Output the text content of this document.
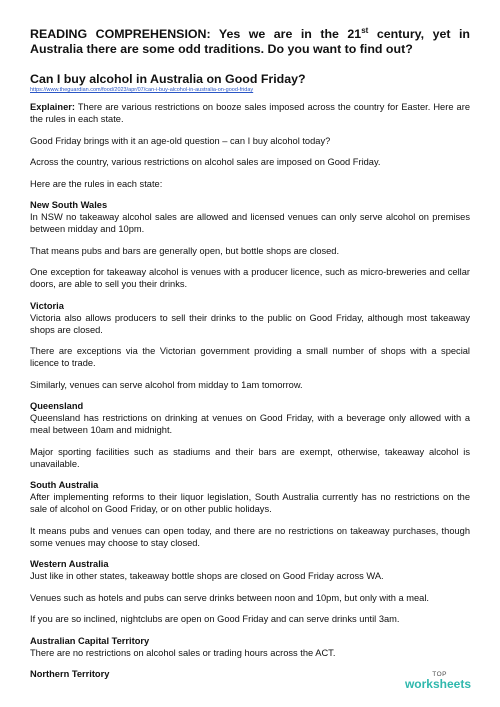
READING COMPREHENSION: Yes we are in the 21st century, yet in Australia there are some odd traditions. Do you want to find out?
Can I buy alcohol in Australia on Good Friday?
https://www.theguardian.com/food/2023/apr/07/can-i-buy-alcohol-in-australia-on-good-friday

Explainer: There are various restrictions on booze sales imposed across the country for Easter. Here are the rules in each state.

Good Friday brings with it an age-old question – can I buy alcohol today?

Across the country, various restrictions on alcohol sales are imposed on Good Friday.

Here are the rules in each state:

New South Wales
In NSW no takeaway alcohol sales are allowed and licensed venues can only serve alcohol on premises between midday and 10pm.

That means pubs and bars are generally open, but bottle shops are closed.

One exception for takeaway alcohol is venues with a producer licence, such as micro-breweries and cellar doors, are able to sell you their drinks.

Victoria
Victoria also allows producers to sell their drinks to the public on Good Friday, although most takeaway shops are closed.

There are exceptions via the Victorian government providing a small number of shops with a special licence to trade.

Similarly, venues can serve alcohol from midday to 1am tomorrow.

Queensland
Queensland has restrictions on drinking at venues on Good Friday, with a beverage only allowed with a meal between 10am and midnight.

Major sporting facilities such as stadiums and their bars are exempt, otherwise, takeaway alcohol is unavailable.

South Australia
After implementing reforms to their liquor legislation, South Australia currently has no restrictions on the sale of alcohol on Good Friday, or on other public holidays.

It means pubs and venues can open today, and there are no restrictions on takeaway purchases, though some venues may choose to stay closed.

Western Australia
Just like in other states, takeaway bottle shops are closed on Good Friday across WA.

Venues such as hotels and pubs can serve drinks between noon and 10pm, but only with a meal.

If you are so inclined, nightclubs are open on Good Friday and can serve drinks until 3am.

Australian Capital Territory
There are no restrictions on alcohol sales or trading hours across the ACT.
Northern Territory	TOP
worksheets
